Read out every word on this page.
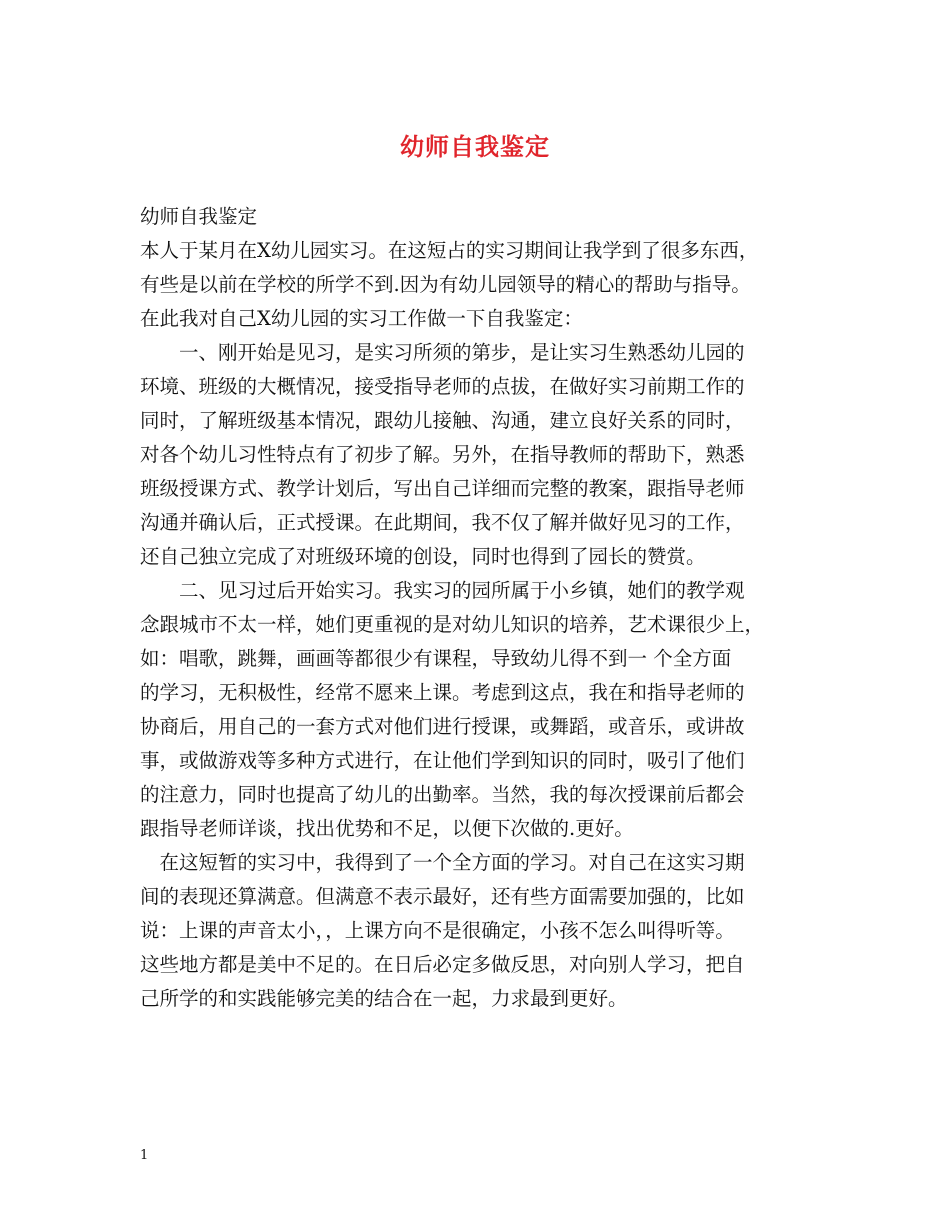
幼师自我鉴定
幼师自我鉴定
本人于某月在X幼儿园实习。在这短占的实习期间让我学到了很多东西，
有些是以前在学校的所学不到.因为有幼儿园领导的精心的帮助与指导。
在此我对自己X幼儿园的实习工作做一下自我鉴定：
　　一、刚开始是见习，是实习所须的第步，是让实习生熟悉幼儿园的
环境、班级的大概情况，接受指导老师的点拔，在做好实习前期工作的
同时，了解班级基本情况，跟幼儿接触、沟通，建立良好关系的同时，
对各个幼儿习性特点有了初步了解。另外，在指导教师的帮助下，熟悉
班级授课方式、教学计划后，写出自己详细而完整的教案，跟指导老师
沟通并确认后，正式授课。在此期间，我不仅了解并做好见习的工作，
还自己独立完成了对班级环境的创设，同时也得到了园长的赞赏。
　　二、见习过后开始实习。我实习的园所属于小乡镇，她们的教学观
念跟城市不太一样，她们更重视的是对幼儿知识的培养，艺术课很少上，
如：唱歌，跳舞，画画等都很少有课程，导致幼儿得不到一 个全方面
的学习，无积极性，经常不愿来上课。考虑到这点，我在和指导老师的
协商后，用自己的一套方式对他们进行授课，或舞蹈，或音乐，或讲故
事，或做游戏等多种方式进行，在让他们学到知识的同时，吸引了他们
的注意力，同时也提高了幼儿的出勤率。当然，我的每次授课前后都会
跟指导老师详谈，找出优势和不足，以便下次做的.更好。
　在这短暂的实习中，我得到了一个全方面的学习。对自己在这实习期
间的表现还算满意。但满意不表示最好，还有些方面需要加强的，比如
说：上课的声音太小，，上课方向不是很确定，小孩不怎么叫得听等。
这些地方都是美中不足的。在日后必定多做反思，对向别人学习，把自
己所学的和实践能够完美的结合在一起，力求最到更好。
1
